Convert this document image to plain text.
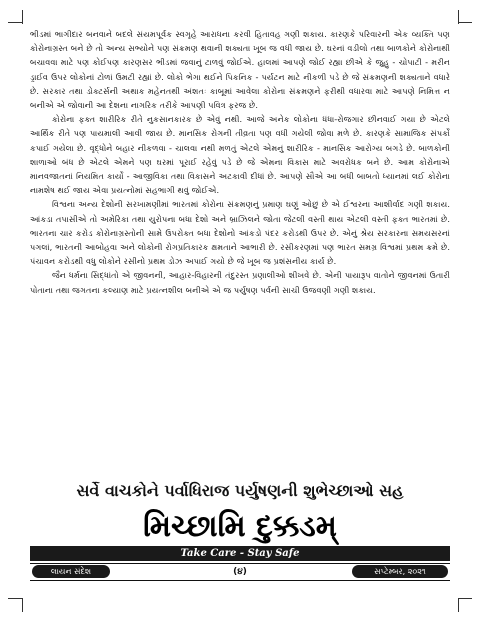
ભીડમાં ભાગીદાર બનવાને બદલે સંયમપૂર્વક સ્વગૃહે આરાધના કરવી હિતાવહ ગણી શકાય. કારણકે પરિવારની એક વ્યક્તિ પણ કોરોનાગ્રસ્ત બને છે તો અન્ય સભ્યોને પણ સંક્રમણ થવાની શક્યતા ખૂબ જ વધી જાય છે. ઘરનાં વડીલો તથા બાળકોને કોરોનાથી બચાવવા માટે પણ કોઈપણ કારણસર ભીડમાં જવાનું ટાળવું જોઈએ. હાલમાં આપણે જોઈ રહ્યા છીએ કે જુહુ - ચોપાટી - મરીન ડ્રાઈવ ઉપર લોકોનાં ટોળાં ઉમટી રહ્યાં છે. લોકો ભેગા થઈને પિકનિક - પર્યટન માટે નીકળી પડે છે જે સંક્રમણની શક્યતાને વધારે છે. સરકાર તથા ડોક્ટર્સની અથાક મહેનતથી અંશતઃ કાબૂમાં આવેલા કોરોના સંક્રમણને ફરીથી વધારવા માટે આપણે નિમિત્ત ન બનીએ એ જોવાની આ દેશના નાગરિક તરીકે આપણી પવિત્ર ફરજ છે.

કોરોના ફક્ત શારીરિક રીતે નુકસાનકારક છે એવું નથી. આજે અનેક લોકોના ધંધા-રોજગાર છીનવાઈ ગયા છે એટલે આર્થિક રીતે પણ પાયમાલી આવી જાય છે. માનસિક રોગની તીવ્રતા પણ વધી ગયેલી જોવા મળે છે. કારણકે સામાજિક સંપર્કો કપાઈ ગયેલા છે. વૃદ્ધોને બહાર નીકળવા - ચાલવા નથી મળતું એટલે એમનું શારીરિક - માનસિક આરોગ્ય બગડે છે. બાળકોની શાળાઓ બંધ છે એટલે એમને પણ ઘરમાં પૂરાઈ રહેવું પડે છે જે એમના વિકાસ માટે અવરોધક બને છે. આમ કોરોનાએ માનવજાતનાં નિયમિત કાર્યો - આજીવિકા તથા વિકાસને અટકાવી દીધાં છે. આપણે સૌએ આ બધી બાબતો ધ્યાનમાં લઈ કોરોના નામશેષ થઈ જાય એવા પ્રયત્નોમાં સહભાગી થવું જોઈએ.

વિશ્વના અન્ય દેશોની સરખામણીમાં ભારતમાં કોરોના સંક્રમણનું પ્રમાણ ઘણું ઓછું છે એ ઈશ્વરના આશીર્વાદ ગણી શકાય. આંકડા તપાસીએ તો અમેરિકા તથા યુરોપના બધા દેશો અને બ્રાઝિલને જોતા જેટલી વસ્તી થાય એટલી વસ્તી ફક્ત ભારતમાં છે. ભારતના ચાર કરોડ કોરોનાગ્રસ્તોની સામે ઉપરોક્ત બધા દેશોનો આંકડો પંદર કરોડથી ઉપર છે. એનું શ્રેય સરકારના સમયસરનાં પગલાં, ભારતની આબોહવા અને લોકોની રોગપ્રતિકારક ક્ષમતાને આભારી છે. રસીકરણમાં પણ ભારત સમગ્ર વિશ્વમાં પ્રથમ ક્રમે છે. પંચાવન કરોડથી વધુ લોકોને રસીનો પ્રથમ ડોઝ અપાઈ ગયો છે જે ખૂબ જ પ્રશંસનીય કાર્ય છે.

જૈન ધર્મના સિદ્ધાંતો એ જીવનની, આહાર-વિહારની તંદુરસ્ત પ્રણાલીઓ શીખવે છે. એની પાયારૂપ વાતોને જીવનમાં ઉતારી પોતાના તથા જગતના કલ્યાણ માટે પ્રયત્નશીલ બનીએ એ જ પર્યુષણ પર્વની સાચી ઉજવણી ગણી શકાય.

સર્વે વાચકોને પર્વાધિરાજ પર્યુષણની શુભેચ્છાઓ સહ
મિચ્છામિ દુક્કડમ્
Take Care - Stay Safe
લાયન સંદેશ	(૪)	સપ્ટેમ્બર, ૨૦૨૧
